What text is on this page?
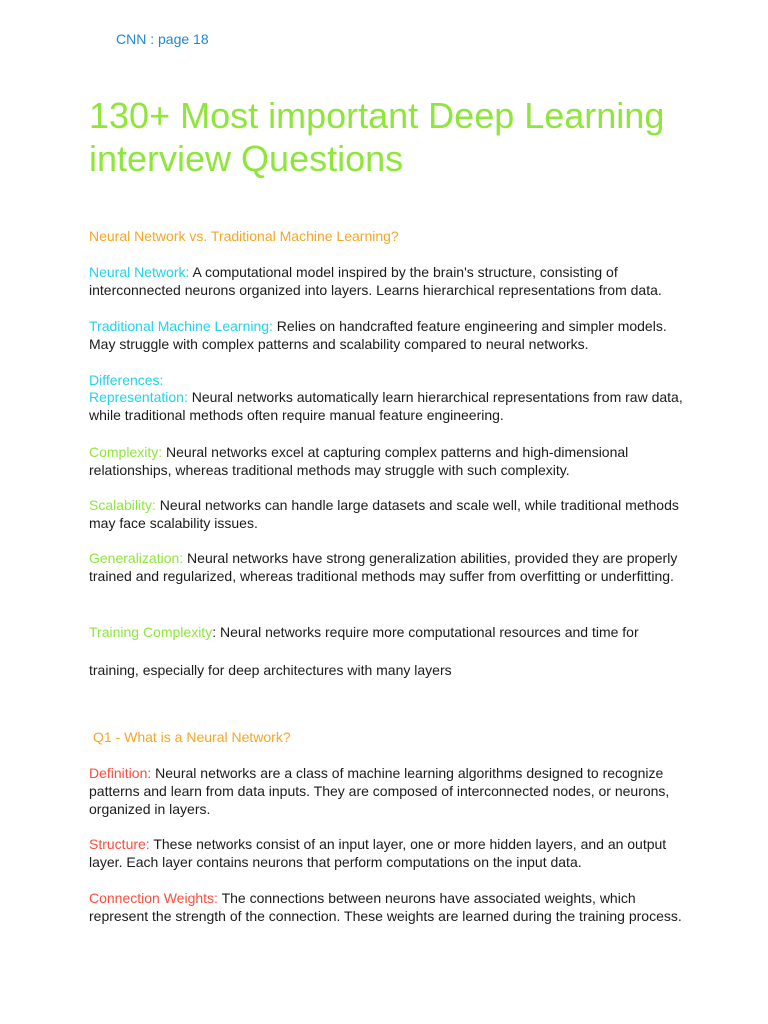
CNN : page 18
130+ Most important Deep Learning
interview Questions
Neural Network vs. Traditional Machine Learning?

Neural Network: A computational model inspired by the brain's structure, consisting of interconnected neurons organized into layers. Learns hierarchical representations from data.

Traditional Machine Learning: Relies on handcrafted feature engineering and simpler models. May struggle with complex patterns and scalability compared to neural networks.

Differences:

Representation: Neural networks automatically learn hierarchical representations from raw data, while traditional methods often require manual feature engineering.

Complexity: Neural networks excel at capturing complex patterns and high-dimensional relationships, whereas traditional methods may struggle with such complexity.

Scalability: Neural networks can handle large datasets and scale well, while traditional methods may face scalability issues.

Generalization: Neural networks have strong generalization abilities, provided they are properly trained and regularized, whereas traditional methods may suffer from overfitting or underfitting.

Training Complexity: Neural networks require more computational resources and time for

training, especially for deep architectures with many layers
Q1 - What is a Neural Network?

Definition: Neural networks are a class of machine learning algorithms designed to recognize patterns and learn from data inputs. They are composed of interconnected nodes, or neurons, organized in layers.

Structure: These networks consist of an input layer, one or more hidden layers, and an output layer. Each layer contains neurons that perform computations on the input data.

Connection Weights: The connections between neurons have associated weights, which represent the strength of the connection. These weights are learned during the training process.
